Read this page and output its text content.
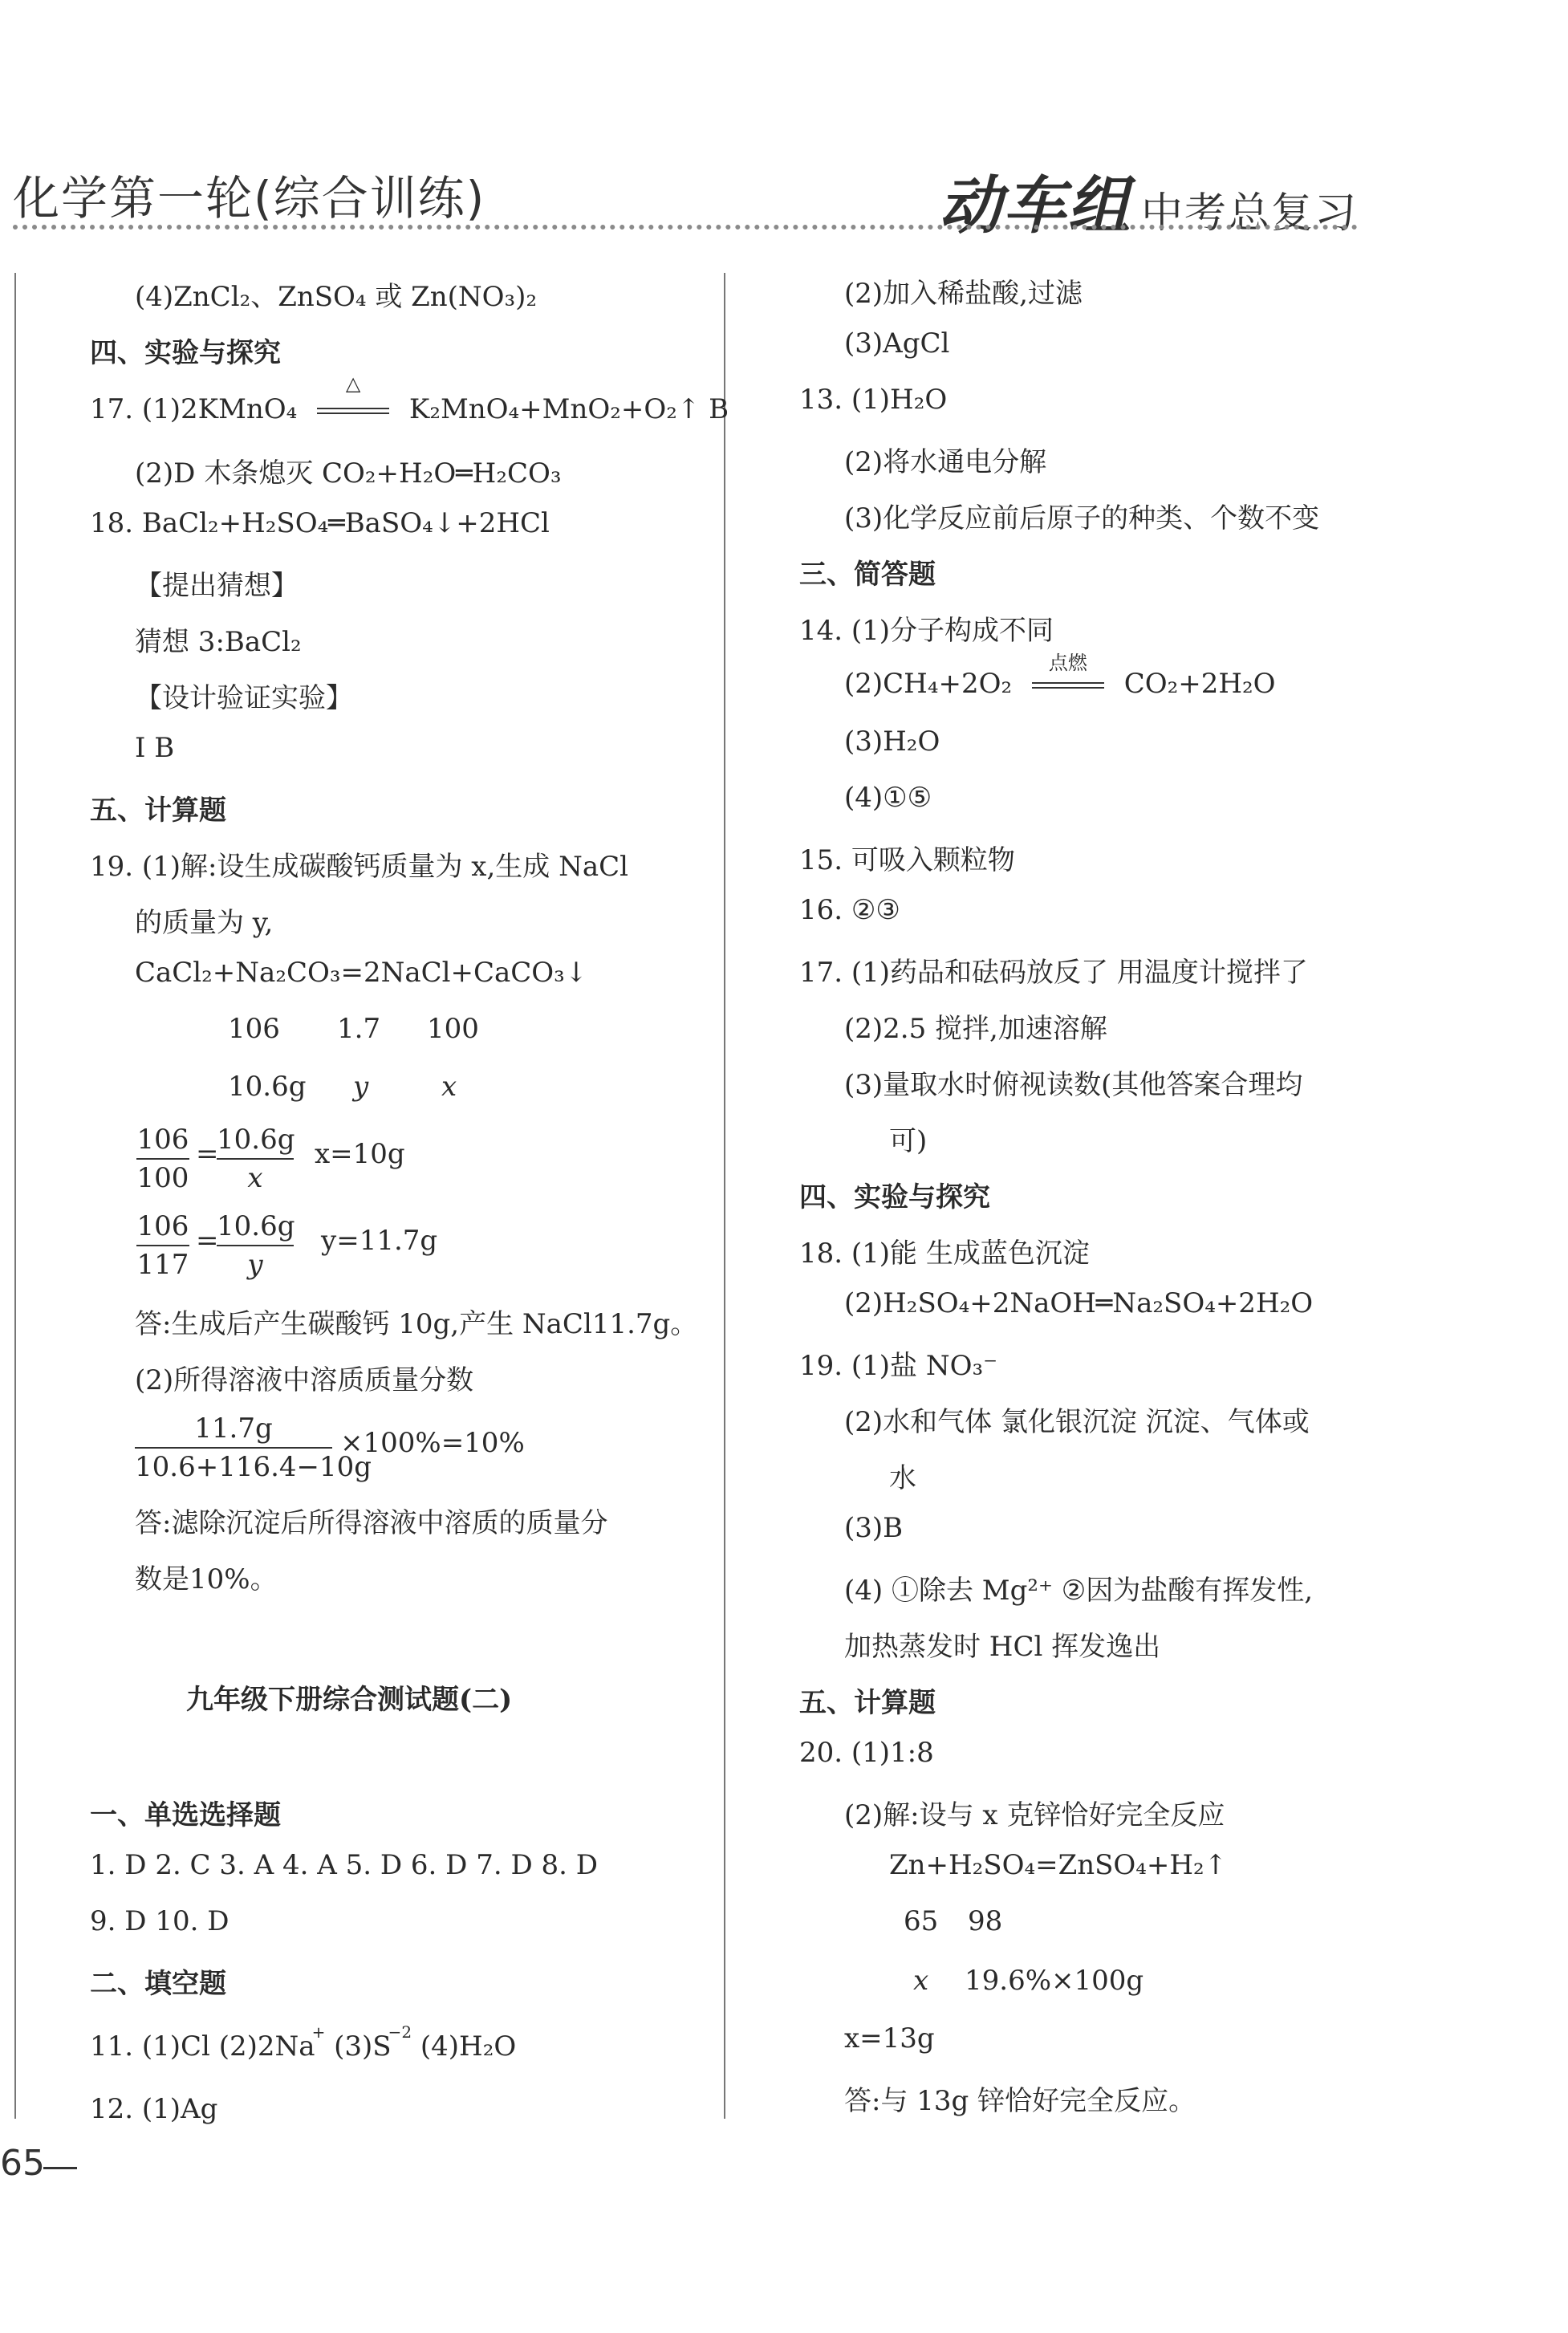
化学第一轮(综合训练)	动车组 中考总复习
(4)ZnCl₂、ZnSO₄ 或 Zn(NO₃)₂
四、实验与探究
17. (1)2KMnO₄
△
K₂MnO₄+MnO₂+O₂↑ B
(2)D 木条熄灭 CO₂+H₂O═H₂CO₃
18. BaCl₂+H₂SO₄═BaSO₄↓+2HCl
【提出猜想】
猜想 3:BaCl₂
【设计验证实验】
I B
五、计算题
19. (1)解:设生成碳酸钙质量为 x,生成 NaCl
的质量为 y,
CaCl₂+Na₂CO₃=2NaCl+CaCO₃↓
106 1.7 100
10.6g y	x
106
100
=
10.6g
x
x=10g
106
117
=
10.6g
y
y=11.7g
答:生成后产生碳酸钙 10g,产生 NaCl11.7g。
(2)所得溶液中溶质质量分数
11.7g
10.6+116.4−10g
×100%=10%
答:滤除沉淀后所得溶液中溶质的质量分
数是10%。
九年级下册综合测试题(二)
一、单选选择题
1. D 2. C 3. A 4. A 5. D 6. D 7. D 8. D
9. D 10. D
二、填空题
11. (1)Cl (2)2Na+ $(3)S^{-2}$ (4)H₂O
12. (1)Ag
(2)加入稀盐酸,过滤
(3)AgCl
13. (1)H₂O
(2)将水通电分解
(3)化学反应前后原子的种类、个数不变
三、简答题
14. (1)分子构成不同
(2)CH₄+2O₂
点燃
CO₂+2H₂O
(3)H₂O
(4)①⑤
15. 可吸入颗粒物
16. ②③
17. (1)药品和砝码放反了 用温度计搅拌了
(2)2.5 搅拌,加速溶解
(3)量取水时俯视读数(其他答案合理均
可)
四、实验与探究
18. (1)能 生成蓝色沉淀
(2)H₂SO₄+2NaOH═Na₂SO₄+2H₂O
19. (1)盐 NO₃⁻
(2)水和气体 氯化银沉淀 沉淀、气体或
水
(3)B
(4) ①除去 Mg²⁺ ②因为盐酸有挥发性,
加热蒸发时 HCl 挥发逸出
五、计算题
20. (1)1:8
(2)解:设与 x 克锌恰好完全反应
Zn+H₂SO₄=ZnSO₄+H₂↑
65 98
x 19.6%×100g
x=13g
答:与 13g 锌恰好完全反应。
65
